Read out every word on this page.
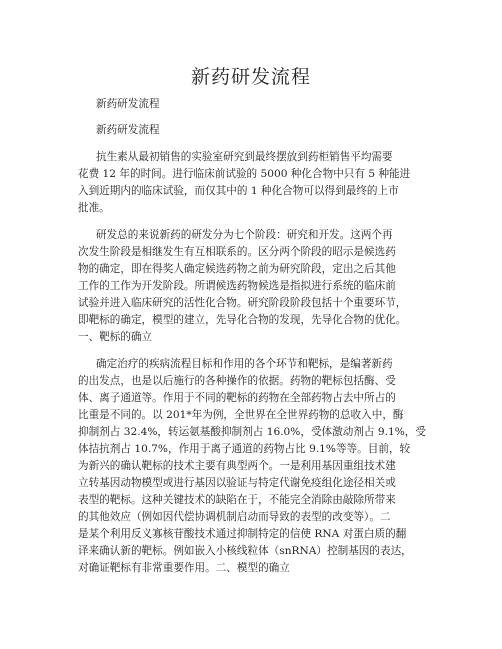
新药研发流程
新药研发流程
新药研发流程
抗生素从最初销售的实验室研究到最终摆放到药柜销售平均需要
花费 12 年的时间。进行临床前试验的 5000 种化合物中只有 5 种能进
入到近期内的临床试验，而仅其中的 1 种化合物可以得到最终的上市
批准。
研发总的来说新药的研发分为七个阶段：研究和开发。这两个再
次发生阶段是相继发生有互相联系的。区分两个阶段的昭示是候选药
物的确定，即在得奖人确定候选药物之前为研究阶段，定出之后其他
工作的工作为开发阶段。所谓候选药物候选是指拟进行系统的临床前
试验并进入临床研究的活性化合物。研究阶段阶段包括十个重要环节，
即靶标的确定，模型的建立，先导化合物的发现，先导化合物的优化。
一、靶标的确立
确定治疗的疾病流程目标和作用的各个环节和靶标，是编著新药
的出发点，也是以后施行的各种操作的依据。药物的靶标包括酶、受
体、离子通道等。作用于不同的靶标的药物在全部药物占去中所占的
比重是不同的。以 201*年为例，全世界在全世界药物的总收入中，酶
抑制剂占 32.4%，转运氨基酸抑制剂占 16.0%，受体激动剂占 9.1%，受
体拮抗剂占 10.7%，作用于离子通道的药物占比 9.1%等等。目前，较
为新兴的确认靶标的技术主要有典型两个。一是利用基因重组技术建
立转基因动物模型或进行基因以验证与特定代谢免疫组化途径相关或
表型的靶标。这种关键技术的缺陷在于，不能完全消除由敲除所带来
的其他效应（例如因代偿协调机制启动而导致的表型的改变等）。二
是某个利用反义寡核苷酸技术通过抑制特定的信使 RNA 对蛋白质的翻
译来确认新的靶标。例如嵌入小核线粒体（snRNA）控制基因的表达，
对确证靶标有非常重要作用。二、模型的确立
